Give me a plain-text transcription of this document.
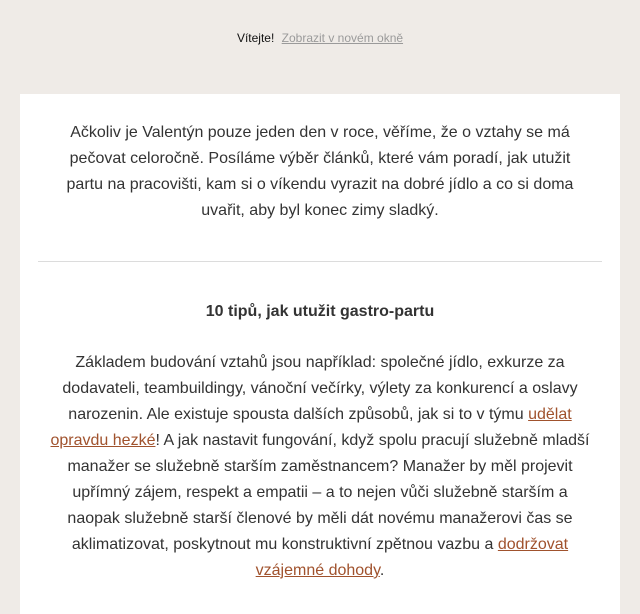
Vítejte! Zobrazit v novém okně
Ačkoliv je Valentýn pouze jeden den v roce, věříme, že o vztahy se má pečovat celoročně. Posíláme výběr článků, které vám poradí, jak utužit partu na pracovišti, kam si o víkendu vyrazit na dobré jídlo a co si doma uvařit, aby byl konec zimy sladký.
10 tipů, jak utužit gastro-partu
Základem budování vztahů jsou například: společné jídlo, exkurze za dodavateli, teambuildingy, vánoční večírky, výlety za konkurencí a oslavy narozenin. Ale existuje spousta dalších způsobů, jak si to v týmu udělat opravdu hezké! A jak nastavit fungování, když spolu pracují služebně mladší manažer se služebně starším zaměstnancem? Manažer by měl projevit upřímný zájem, respekt a empatii – a to nejen vůči služebně starším a naopak služebně starší členové by měli dát novému manažerovi čas se aklimatizovat, poskytnout mu konstruktivní zpětnou vazbu a dodržovat vzájemné dohody.
